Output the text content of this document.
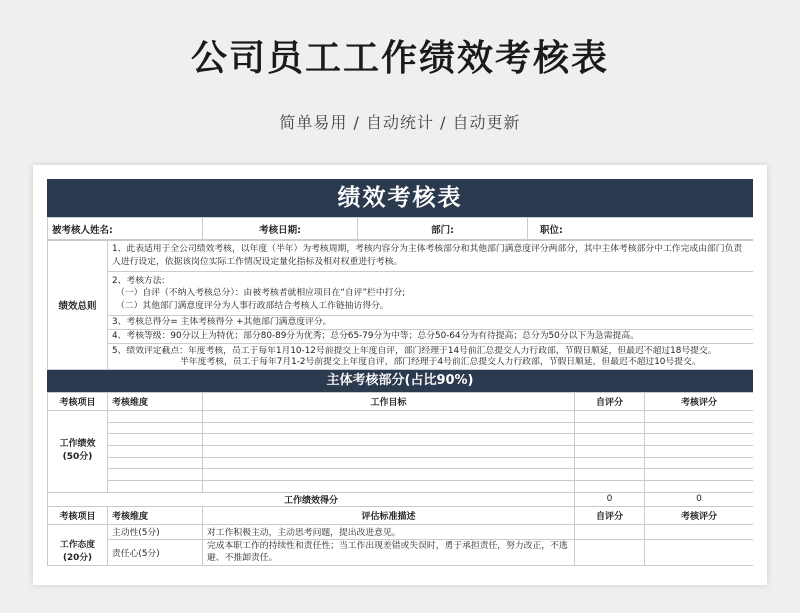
公司员工工作绩效考核表
简单易用 / 自动统计 / 自动更新
绩效考核表
被考核人姓名:	考核日期:	部门:	职位:
绩效总则	1、此表适用于全公司绩效考核，以年度（半年）为考核周期，考核内容分为主体考核部分和其他部门满意度评分两部分，其中主体考核部分中工作完成由部门负责人进行设定，依据该岗位实际工作情况设定量化指标及相对权重进行考核。

2、考核方法:
（一）自评（不纳入考核总分）：由被考核者就相应项目在“自评”栏中打分;
（二）其他部门满意度评分为人事行政部结合考核人工作链抽访得分。

3、考核总得分= 主体考核得分 +其他部门满意度评分。
4、考核等级：90分以上为特优；部分80-89分为优秀；总分65-79分为中等；总分50-64分为有待提高；总分为50分以下为急需提高。

5、绩效评定截点：年度考核，员工于每年1月10-12号前提交上年度自评，部门经理于14号前汇总提交人力行政部，节假日顺延，但最迟不超过18号提交。
半年度考核，员工于每年7月1-2号前提交上年度自评，部门经理于4号前汇总提交人力行政部，节假日顺延，但最迟不超过10号提交。
主体考核部分(占比90%)
考核项目	考核维度	工作目标	自评分	考核评分

工作绩效
(50分)				

工作绩效得分			0	0
考核项目	考核维度	评估标准描述	自评分	考核评分

工作态度
(20分)	主动性(5分)	对工作积极主动，主动思考问题，提出改进意见。		
	责任心(5分)	完成本职工作的持续性和责任性；当工作出现差错或失误时，勇于承担责任，努力改正，不逃避、不推卸责任。		
